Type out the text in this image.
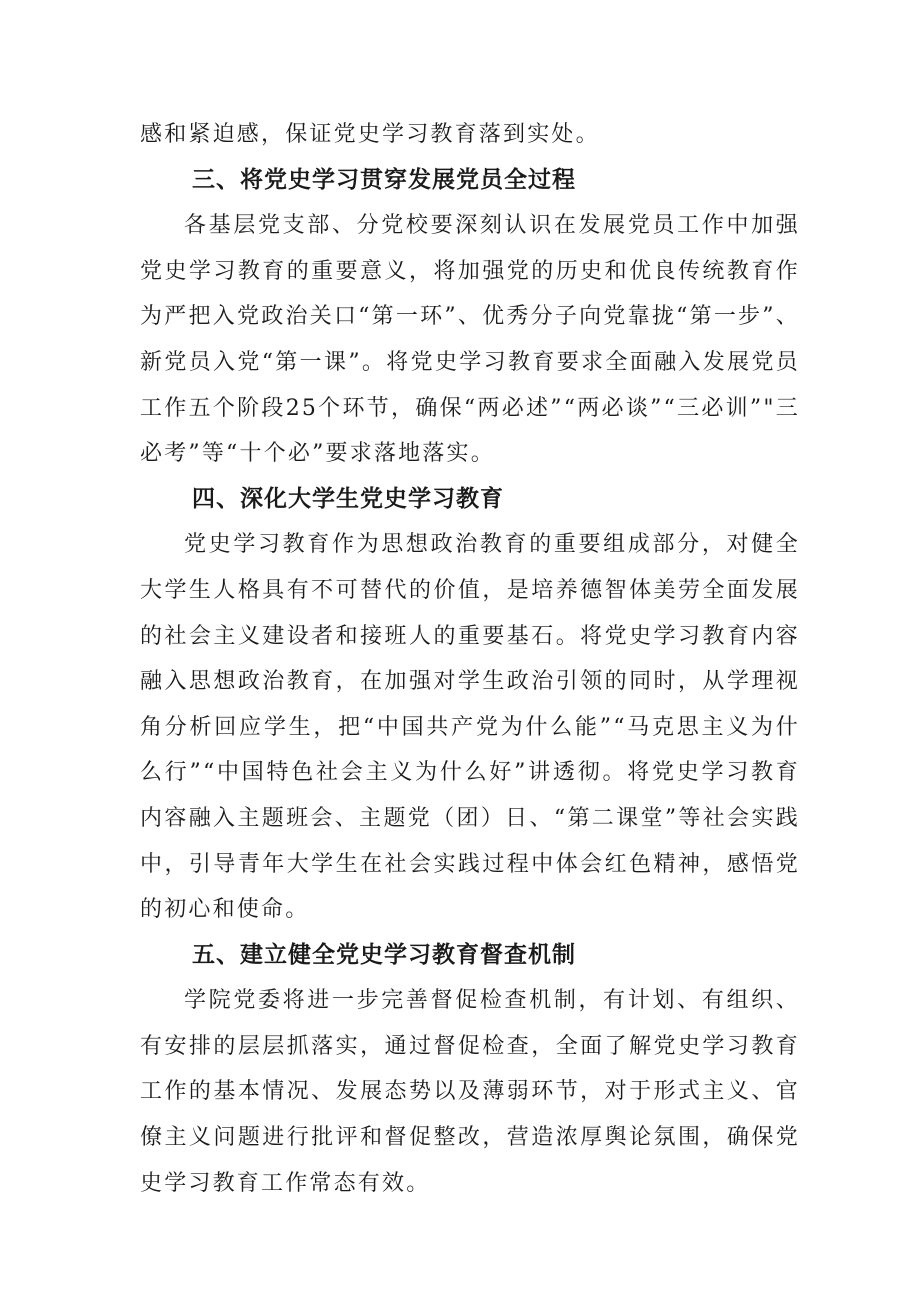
感和紧迫感，保证党史学习教育落到实处。

三、将党史学习贯穿发展党员全过程

各基层党支部、分党校要深刻认识在发展党员工作中加强党史学习教育的重要意义，将加强党的历史和优良传统教育作为严把入党政治关口“第一环”、优秀分子向党靠拢“第一步”、新党员入党“第一课”。将党史学习教育要求全面融入发展党员工作五个阶段25个环节，确保“两必述”“两必谈”“三必训”"三必考”等“十个必”要求落地落实。

四、深化大学生党史学习教育

党史学习教育作为思想政治教育的重要组成部分，对健全大学生人格具有不可替代的价值，是培养德智体美劳全面发展的社会主义建设者和接班人的重要基石。将党史学习教育内容融入思想政治教育，在加强对学生政治引领的同时，从学理视角分析回应学生，把“中国共产党为什么能”“马克思主义为什么行”“中国特色社会主义为什么好”讲透彻。将党史学习教育内容融入主题班会、主题党（团）日、“第二课堂”等社会实践中，引导青年大学生在社会实践过程中体会红色精神，感悟党的初心和使命。

五、建立健全党史学习教育督查机制

学院党委将进一步完善督促检查机制，有计划、有组织、有安排的层层抓落实，通过督促检查，全面了解党史学习教育工作的基本情况、发展态势以及薄弱环节，对于形式主义、官僚主义问题进行批评和督促整改，营造浓厚舆论氛围，确保党史学习教育工作常态有效。
